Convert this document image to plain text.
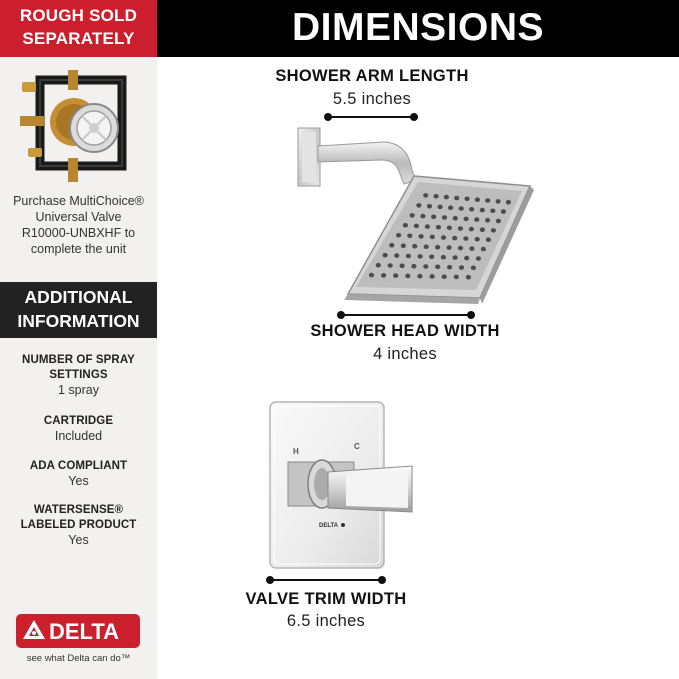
ROUGH SOLD
SEPARATELY
Purchase MultiChoice®
Universal Valve
R10000-UNBXHF to
complete the unit
ADDITIONAL
INFORMATION
NUMBER OF SPRAY
SETTINGS
1 spray
CARTRIDGE
Included
ADA COMPLIANT
Yes
WATERSENSE®
LABELED PRODUCT
Yes
DELTA
see what Delta can do™
DIMENSIONS
SHOWER ARM LENGTH
5.5 inches
SHOWER HEAD WIDTH
4 inches
H
C
DELTA
VALVE TRIM WIDTH
6.5 inches
